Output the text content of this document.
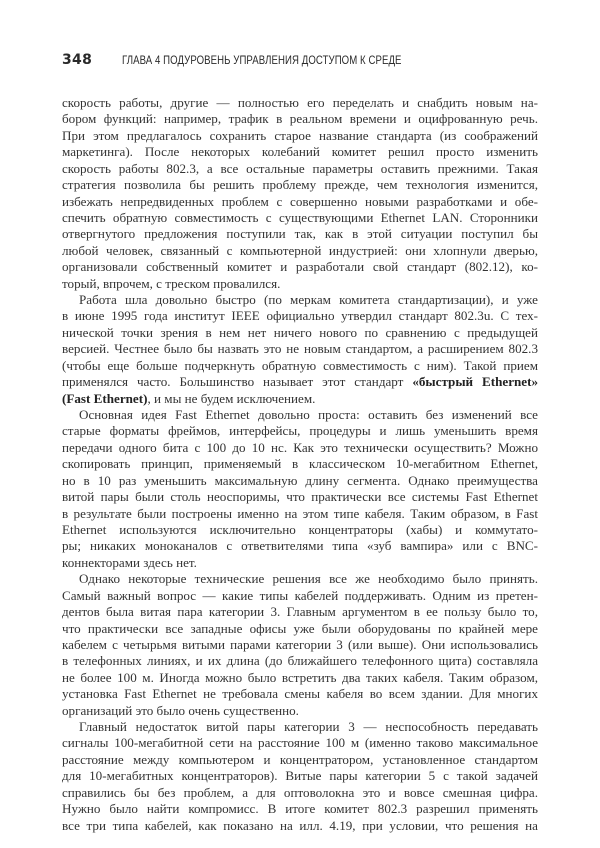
348	ГЛАВА 4 ПОДУРОВЕНЬ УПРАВЛЕНИЯ ДОСТУПОМ К СРЕДЕ
скорость работы, другие — полностью его переделать и снабдить новым на-
бором функций: например, трафик в реальном времени и оцифрованную речь.
При этом предлагалось сохранить старое название стандарта (из соображений
маркетинга). После некоторых колебаний комитет решил просто изменить
скорость работы 802.3, а все остальные параметры оставить прежними. Такая
стратегия позволила бы решить проблему прежде, чем технология изменится,
избежать непредвиденных проблем с совершенно новыми разработками и обе-
спечить обратную совместимость с существующими Ethernet LAN. Сторонники
отвергнутого предложения поступили так, как в этой ситуации поступил бы
любой человек, связанный с компьютерной индустрией: они хлопнули дверью,
организовали собственный комитет и разработали свой стандарт (802.12), ко-
торый, впрочем, с треском провалился.
Работа шла довольно быстро (по меркам комитета стандартизации), и уже
в июне 1995 года институт IEEE официально утвердил стандарт 802.3u. С тех-
нической точки зрения в нем нет ничего нового по сравнению с предыдущей
версией. Честнее было бы назвать это не новым стандартом, а расширением 802.3
(чтобы еще больше подчеркнуть обратную совместимость с ним). Такой прием
применялся часто. Большинство называет этот стандарт «быстрый Ethernet»
(Fast Ethernet), и мы не будем исключением.
Основная идея Fast Ethernet довольно проста: оставить без изменений все
старые форматы фреймов, интерфейсы, процедуры и лишь уменьшить время
передачи одного бита с 100 до 10 нс. Как это технически осуществить? Можно
скопировать принцип, применяемый в классическом 10-мегабитном Ethernet,
но в 10 раз уменьшить максимальную длину сегмента. Однако преимущества
витой пары были столь неоспоримы, что практически все системы Fast Ethernet
в результате были построены именно на этом типе кабеля. Таким образом, в Fast
Ethernet используются исключительно концентраторы (хабы) и коммутато-
ры; никаких моноканалов с ответвителями типа «зуб вампира» или с BNC-
коннекторами здесь нет.
Однако некоторые технические решения все же необходимо было принять.
Самый важный вопрос — какие типы кабелей поддерживать. Одним из претен-
дентов была витая пара категории 3. Главным аргументом в ее пользу было то,
что практически все западные офисы уже были оборудованы по крайней мере
кабелем с четырьмя витыми парами категории 3 (или выше). Они использовались
в телефонных линиях, и их длина (до ближайшего телефонного щита) составляла
не более 100 м. Иногда можно было встретить два таких кабеля. Таким образом,
установка Fast Ethernet не требовала смены кабеля во всем здании. Для многих
организаций это было очень существенно.
Главный недостаток витой пары категории 3 — неспособность передавать
сигналы 100-мегабитной сети на расстояние 100 м (именно таково максимальное
расстояние между компьютером и концентратором, установленное стандартом
для 10-мегабитных концентраторов). Витые пары категории 5 с такой задачей
справились бы без проблем, а для оптоволокна это и вовсе смешная цифра.
Нужно было найти компромисс. В итоге комитет 802.3 разрешил применять
все три типа кабелей, как показано на илл. 4.19, при условии, что решения на
